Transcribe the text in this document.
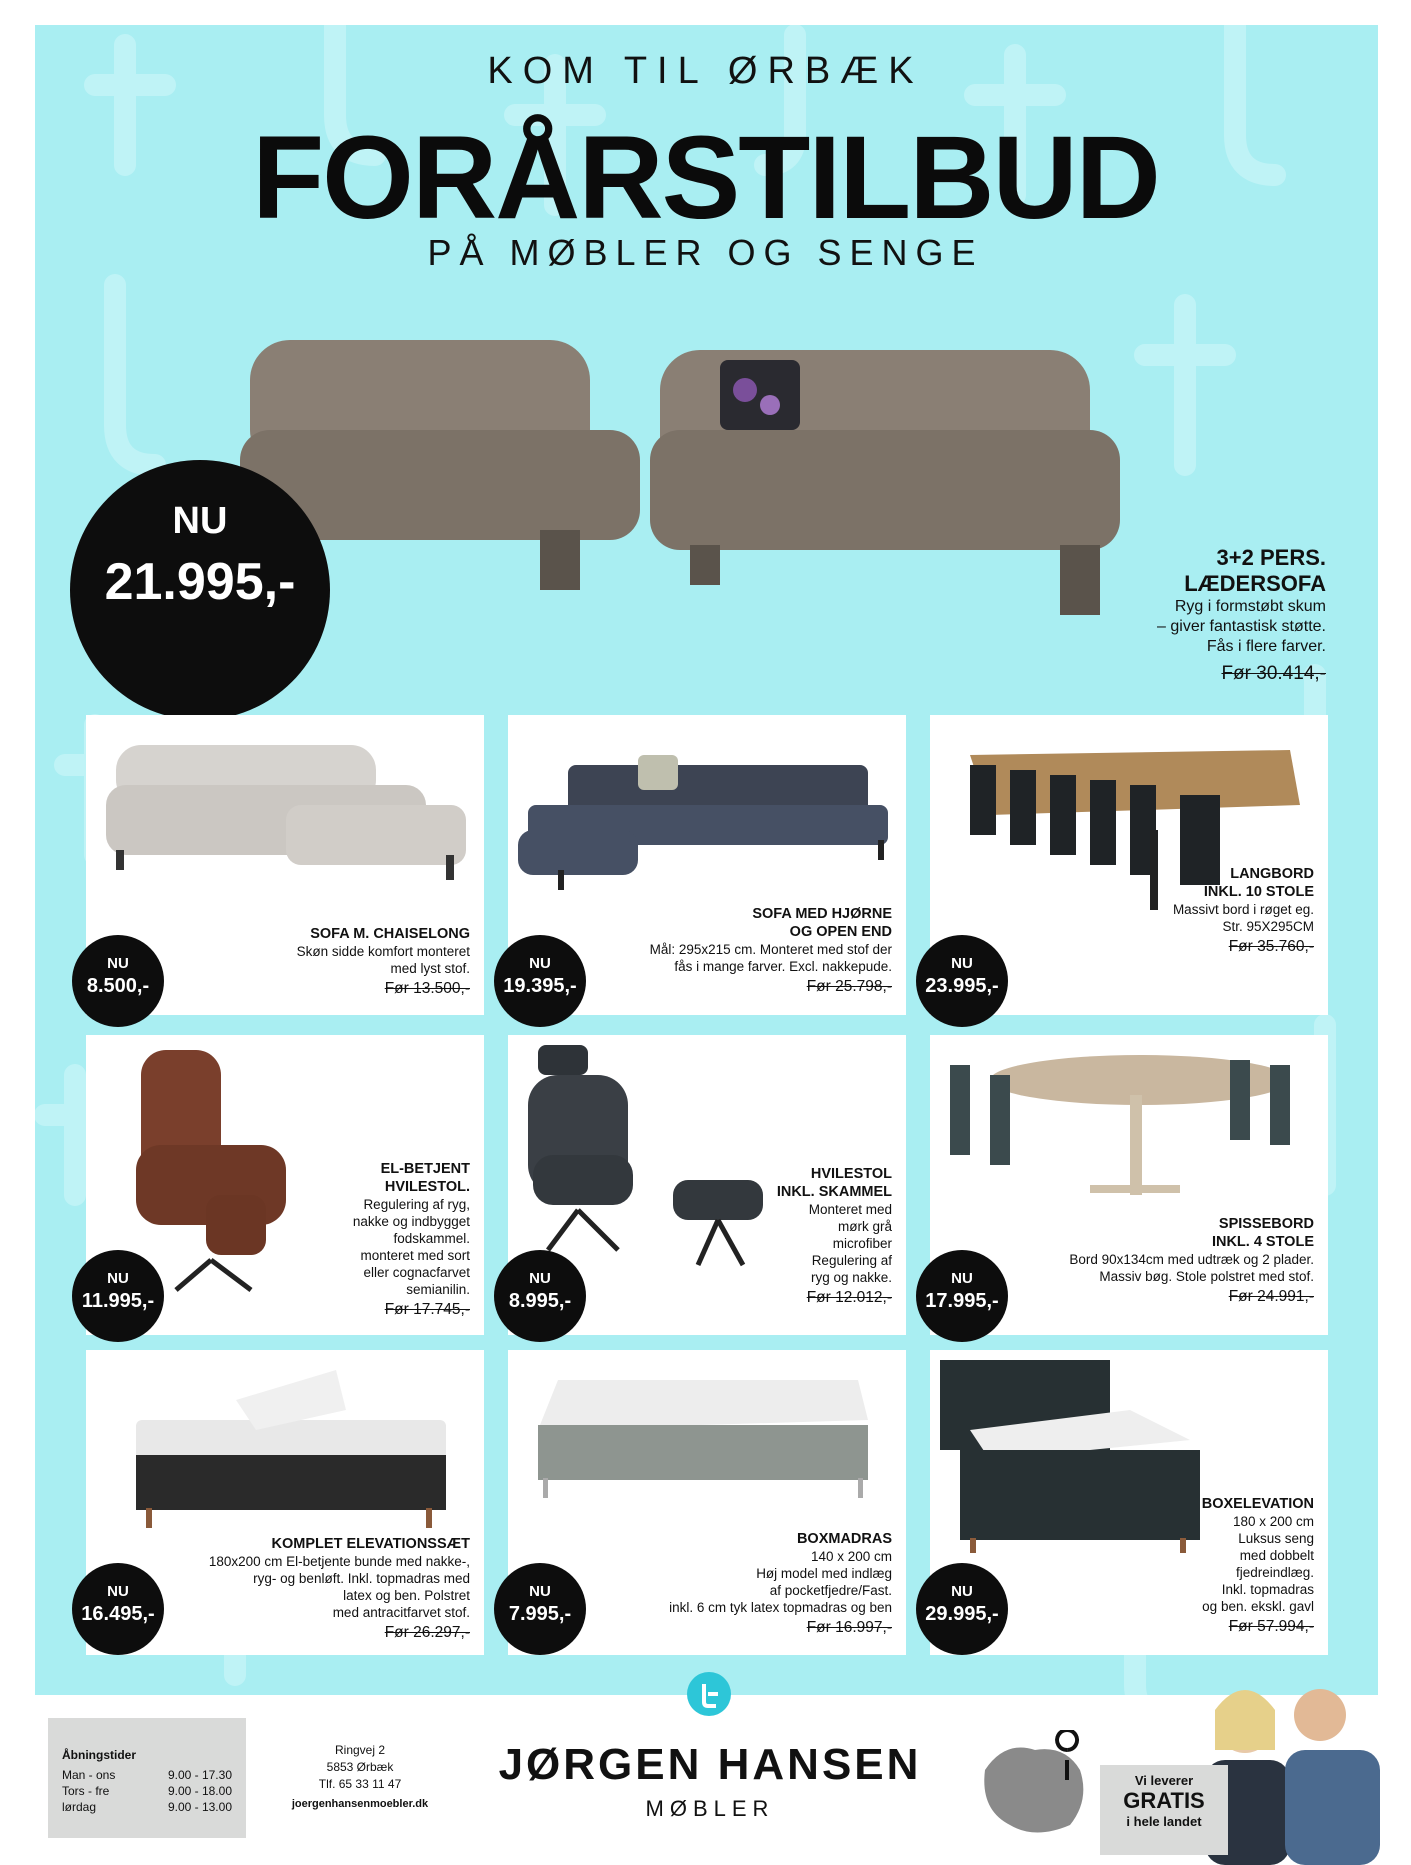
KOM TIL ØRBÆK
FORÅRSTILBUD
PÅ MØBLER OG SENGE
NU
21.995,-	3+2 PERS.
LÆDERSOFA
Ryg i formstøbt skum
– giver fantastisk støtte.
Fås i flere farver.
Før 30.414,-
SOFA M. CHAISELONG
Skøn sidde komfort monteret
med lyst stof.
Før 13.500,-
NU
8.500,-
SOFA MED HJØRNE
OG OPEN END
Mål: 295x215 cm. Monteret med stof der
fås i mange farver. Excl. nakkepude.
Før 25.798,-
NU
19.395,-
LANGBORD
INKL. 10 STOLE
Massivt bord i røget eg.
Str. 95X295CM
Før 35.760,-
NU
23.995,-
EL-BETJENT
HVILESTOL.
Regulering af ryg,
nakke og indbygget
fodskammel.
monteret med sort
eller cognacfarvet
semianilin.
Før 17.745,-
NU
11.995,-
HVILESTOL
INKL. SKAMMEL
Monteret med
mørk grå
microfiber
Regulering af
ryg og nakke.
Før 12.012,-
NU
8.995,-
SPISSEBORD
INKL. 4 STOLE
Bord 90x134cm med udtræk og 2 plader.
Massiv bøg. Stole polstret med stof.
Før 24.991,-
NU
17.995,-
KOMPLET ELEVATIONSSÆT
180x200 cm El-betjente bunde med nakke-,
ryg- og benløft. Inkl. topmadras med
latex og ben. Polstret
med antracitfarvet stof.
Før 26.297,-
NU
16.495,-
BOXMADRAS
140 x 200 cm
Høj model med indlæg
af pocketfjedre/Fast.
inkl. 6 cm tyk latex topmadras og ben
Før 16.997,-
NU
7.995,-
BOXELEVATION
180 x 200 cm
Luksus seng
med dobbelt
fjedreindlæg.
Inkl. topmadras
og ben. ekskl. gavl
Før 57.994,-
NU
29.995,-
Åbningstider
Man - ons	9.00 - 17.30
Tors - fre	9.00 - 18.00
lørdag	9.00 - 13.00
Ringvej 2
5853 Ørbæk
Tlf. 65 33 11 47
joergenhansenmoebler.dk
JØRGEN HANSEN
MØBLER
Vi leverer
GRATIS
i hele landet
